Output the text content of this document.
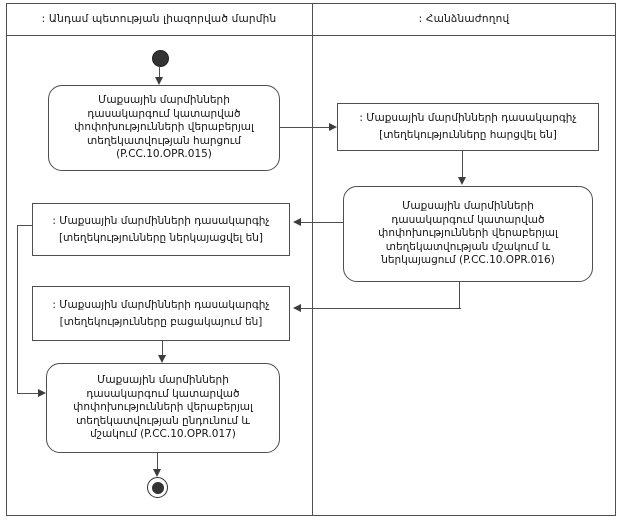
: Անդամ պետության լիազորված մարմին	: Հանձնաժողով
Մաքսային մարմինների
դասակարգում կատարված
փոփոխությունների վերաբերյալ
տեղեկատվության հարցում
(P.CC.10.OPR.015)
: Մաքսային մարմինների դասակարգիչ
[տեղեկությունները հարցվել են]
Մաքսային մարմինների
դասակարգում կատարված
փոփոխությունների վերաբերյալ
տեղեկատվության մշակում և
ներկայացում (P.CC.10.OPR.016)
: Մաքսային մարմինների դասակարգիչ
[տեղեկությունները ներկայացվել են]
: Մաքսային մարմինների դասակարգիչ
[տեղեկությունները բացակայում են]
Մաքսային մարմինների
դասակարգում կատարված
փոփոխությունների վերաբերյալ
տեղեկատվության ընդունում և
մշակում (P.CC.10.OPR.017)
